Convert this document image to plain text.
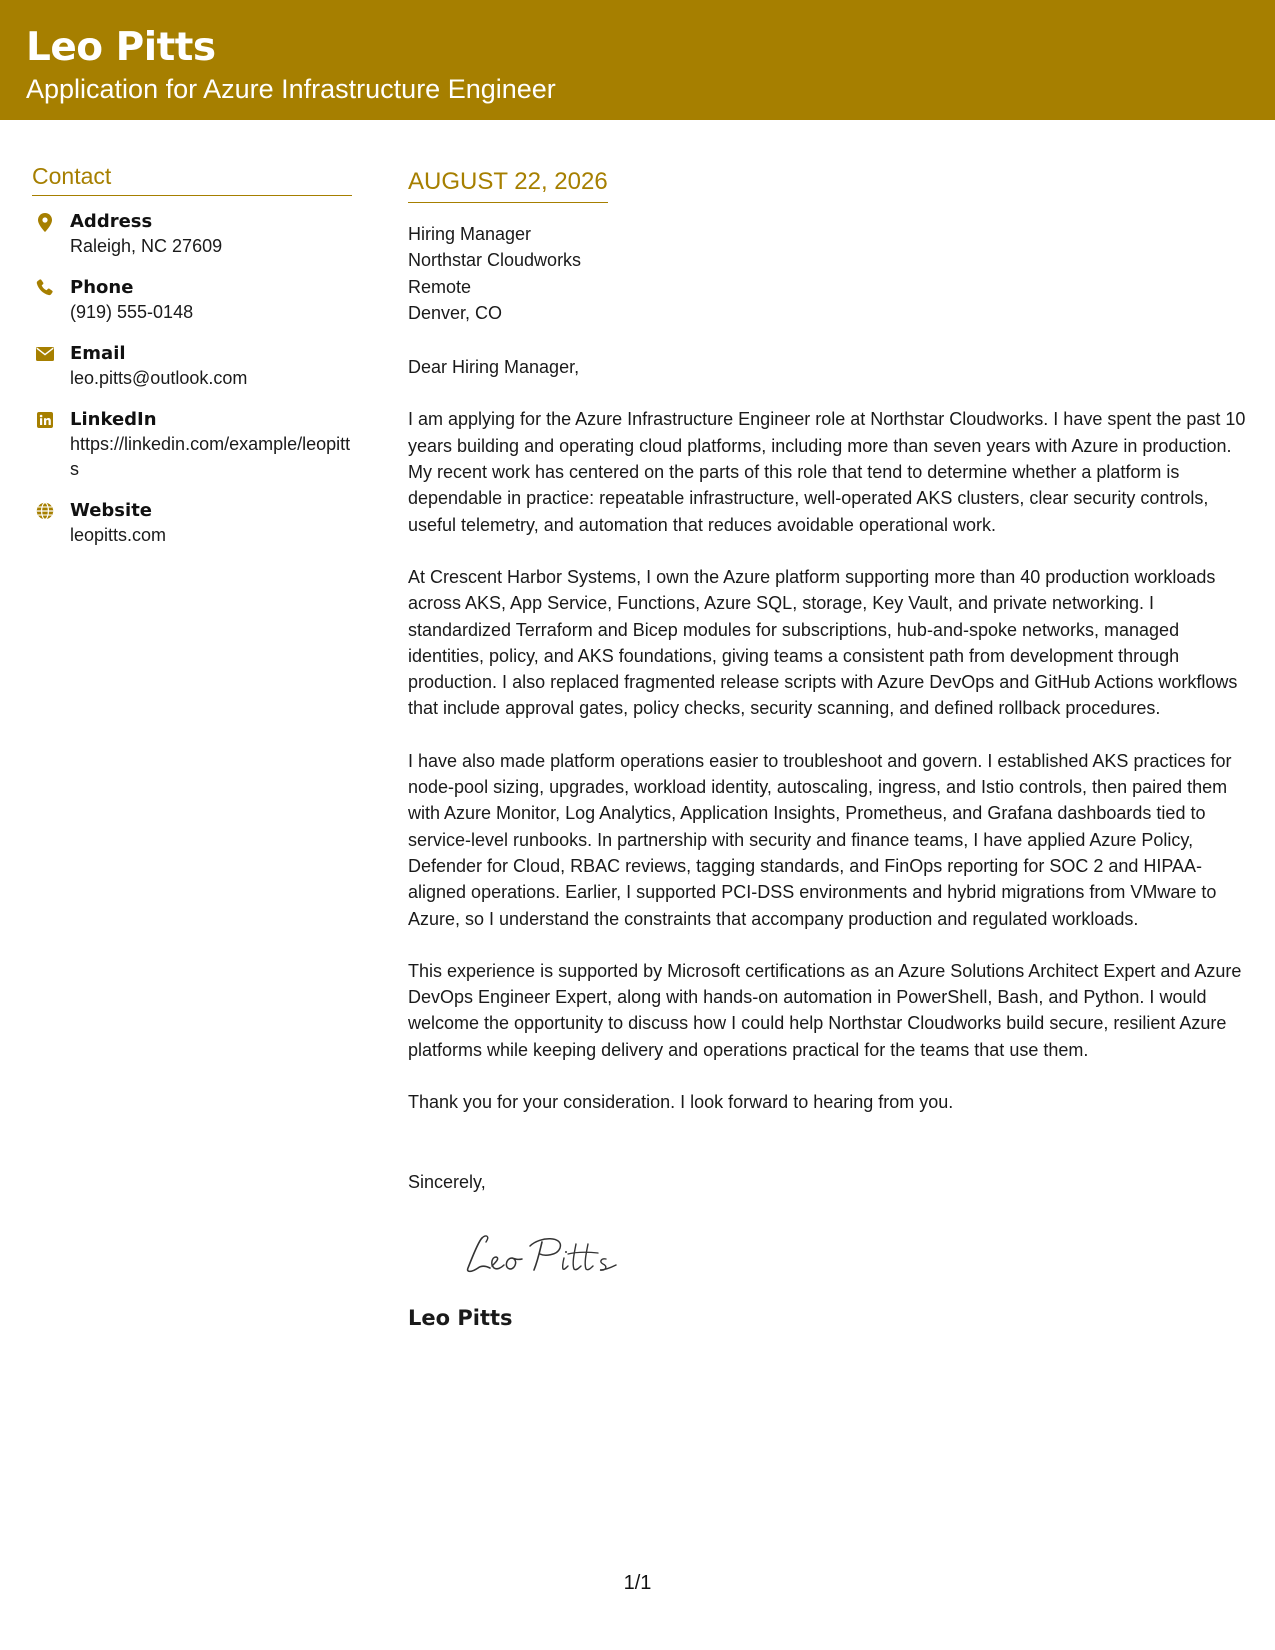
Leo Pitts
Application for Azure Infrastructure Engineer
Contact
Address
Raleigh, NC 27609
Phone
(919) 555-0148
Email
leo.pitts@outlook.com
LinkedIn
https://linkedin.com/example/leopitts
Website
leopitts.com
AUGUST 22, 2026
Hiring Manager
Northstar Cloudworks
Remote
Denver, CO
Dear Hiring Manager,
I am applying for the Azure Infrastructure Engineer role at Northstar Cloudworks. I have spent the past 10 years building and operating cloud platforms, including more than seven years with Azure in production. My recent work has centered on the parts of this role that tend to determine whether a platform is dependable in practice: repeatable infrastructure, well-operated AKS clusters, clear security controls, useful telemetry, and automation that reduces avoidable operational work.
At Crescent Harbor Systems, I own the Azure platform supporting more than 40 production workloads across AKS, App Service, Functions, Azure SQL, storage, Key Vault, and private networking. I standardized Terraform and Bicep modules for subscriptions, hub-and-spoke networks, managed identities, policy, and AKS foundations, giving teams a consistent path from development through production. I also replaced fragmented release scripts with Azure DevOps and GitHub Actions workflows that include approval gates, policy checks, security scanning, and defined rollback procedures.
I have also made platform operations easier to troubleshoot and govern. I established AKS practices for node-pool sizing, upgrades, workload identity, autoscaling, ingress, and Istio controls, then paired them with Azure Monitor, Log Analytics, Application Insights, Prometheus, and Grafana dashboards tied to service-level runbooks. In partnership with security and finance teams, I have applied Azure Policy, Defender for Cloud, RBAC reviews, tagging standards, and FinOps reporting for SOC 2 and HIPAA-aligned operations. Earlier, I supported PCI-DSS environments and hybrid migrations from VMware to Azure, so I understand the constraints that accompany production and regulated workloads.
This experience is supported by Microsoft certifications as an Azure Solutions Architect Expert and Azure DevOps Engineer Expert, along with hands-on automation in PowerShell, Bash, and Python. I would welcome the opportunity to discuss how I could help Northstar Cloudworks build secure, resilient Azure platforms while keeping delivery and operations practical for the teams that use them.
Thank you for your consideration. I look forward to hearing from you.
Sincerely,
Leo Pitts
1/1
